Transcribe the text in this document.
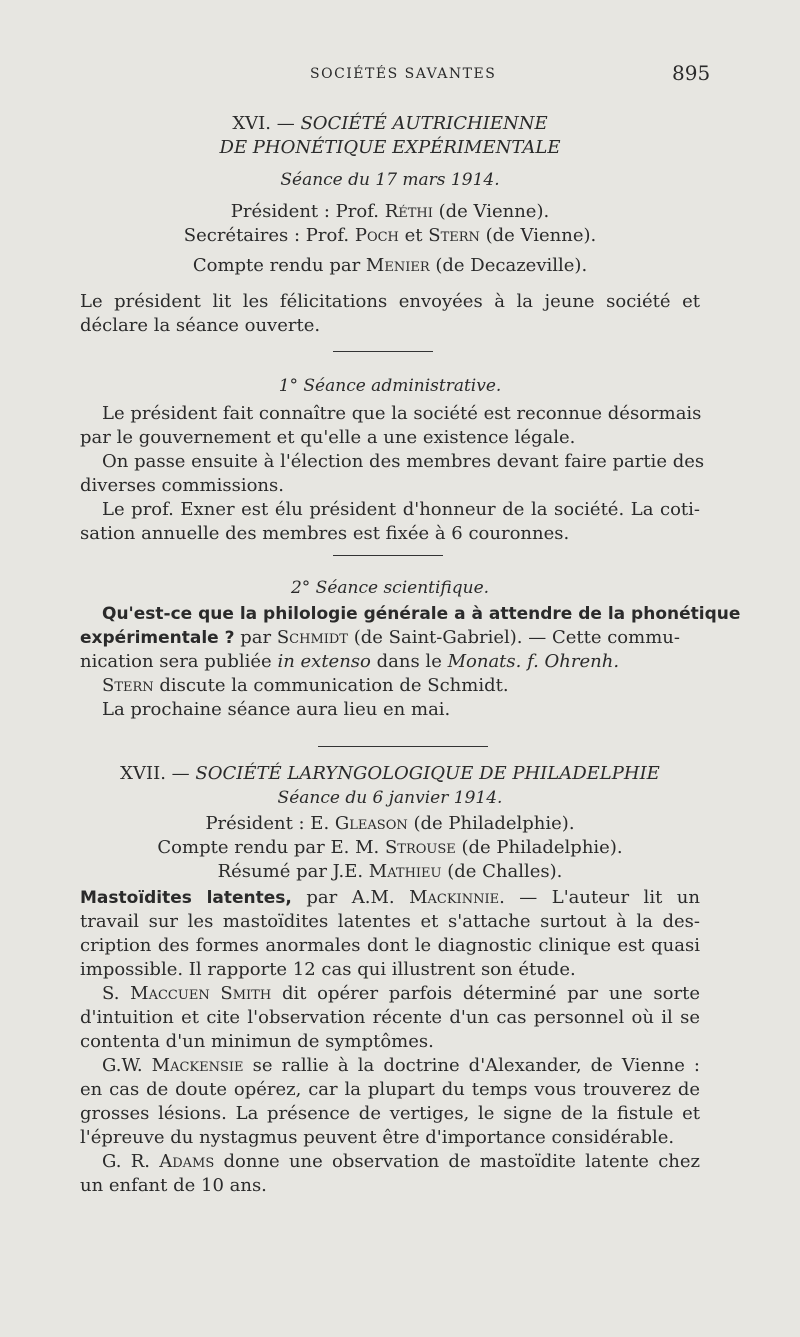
SOCIÉTÉS SAVANTES	895
XVI. — SOCIÉTÉ AUTRICHIENNE
DE PHONÉTIQUE EXPÉRIMENTALE
Séance du 17 mars 1914.
Président : Prof. Réthi (de Vienne).
Secrétaires : Prof. Poch et Stern (de Vienne).
Compte rendu par Menier (de Decazeville).
Le président lit les félicitations envoyées à la jeune société et
déclare la séance ouverte.
1° Séance administrative.
Le président fait connaître que la société est reconnue désormais
par le gouvernement et qu'elle a une existence légale.
On passe ensuite à l'élection des membres devant faire partie des
diverses commissions.
Le prof. Exner est élu président d'honneur de la société. La coti-
sation annuelle des membres est fixée à 6 couronnes.
2° Séance scientifique.
Qu'est-ce que la philologie générale a à attendre de la phonétique
expérimentale ? par Schmidt (de Saint-Gabriel). — Cette commu-
nication sera publiée in extenso dans le Monats. f. Ohrenh.
Stern discute la communication de Schmidt.
La prochaine séance aura lieu en mai.
XVII. — SOCIÉTÉ LARYNGOLOGIQUE DE PHILADELPHIE
Séance du 6 janvier 1914.
Président : E. Gleason (de Philadelphie).
Compte rendu par E. M. Strouse (de Philadelphie).
Résumé par J.E. Mathieu (de Challes).
Mastoïdites latentes, par A.M. Mackinnie. — L'auteur lit un
travail sur les mastoïdites latentes et s'attache surtout à la des-
cription des formes anormales dont le diagnostic clinique est quasi
impossible. Il rapporte 12 cas qui illustrent son étude.
S. Maccuen Smith dit opérer parfois déterminé par une sorte
d'intuition et cite l'observation récente d'un cas personnel où il se
contenta d'un minimun de symptômes.
G.W. Mackensie se rallie à la doctrine d'Alexander, de Vienne :
en cas de doute opérez, car la plupart du temps vous trouverez de
grosses lésions. La présence de vertiges, le signe de la fistule et
l'épreuve du nystagmus peuvent être d'importance considérable.
G. R. Adams donne une observation de mastoïdite latente chez
un enfant de 10 ans.
